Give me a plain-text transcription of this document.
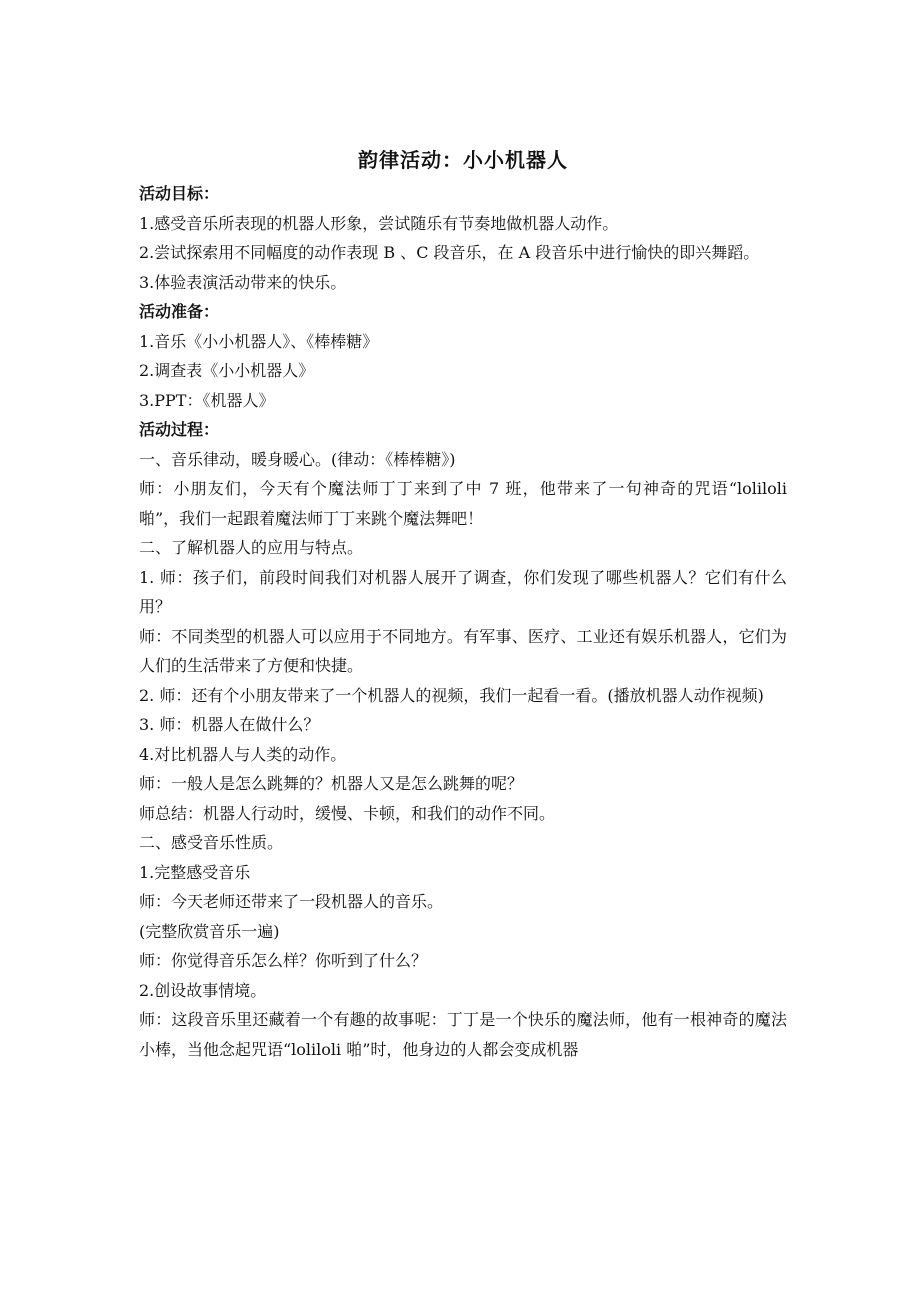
韵律活动：小小机器人

活动目标：

1.感受音乐所表现的机器人形象，尝试随乐有节奏地做机器人动作。

2.尝试探索用不同幅度的动作表现 B 、C 段音乐，在 A 段音乐中进行愉快的即兴舞蹈。

3.体验表演活动带来的快乐。

活动准备：

1.音乐《小小机器人》、《棒棒糖》

2.调查表《小小机器人》

3.PPT：《机器人》

活动过程：

一、音乐律动，暖身暖心。(律动：《棒棒糖》)

师：小朋友们，今天有个魔法师丁丁来到了中 7 班，他带来了一句神奇的咒语“loliloli 啪”，我们一起跟着魔法师丁丁来跳个魔法舞吧！

二、了解机器人的应用与特点。

1. 师：孩子们，前段时间我们对机器人展开了调查，你们发现了哪些机器人？它们有什么用？

师：不同类型的机器人可以应用于不同地方。有军事、医疗、工业还有娱乐机器人，它们为人们的生活带来了方便和快捷。

2. 师：还有个小朋友带来了一个机器人的视频，我们一起看一看。(播放机器人动作视频)

3. 师：机器人在做什么？

4.对比机器人与人类的动作。

师：一般人是怎么跳舞的？机器人又是怎么跳舞的呢？

师总结：机器人行动时，缓慢、卡顿，和我们的动作不同。

二、感受音乐性质。

1.完整感受音乐

师：今天老师还带来了一段机器人的音乐。

(完整欣赏音乐一遍)

师：你觉得音乐怎么样？你听到了什么？

2.创设故事情境。

师：这段音乐里还藏着一个有趣的故事呢：丁丁是一个快乐的魔法师，他有一根神奇的魔法小棒，当他念起咒语“loliloli 啪”时，他身边的人都会变成机器
